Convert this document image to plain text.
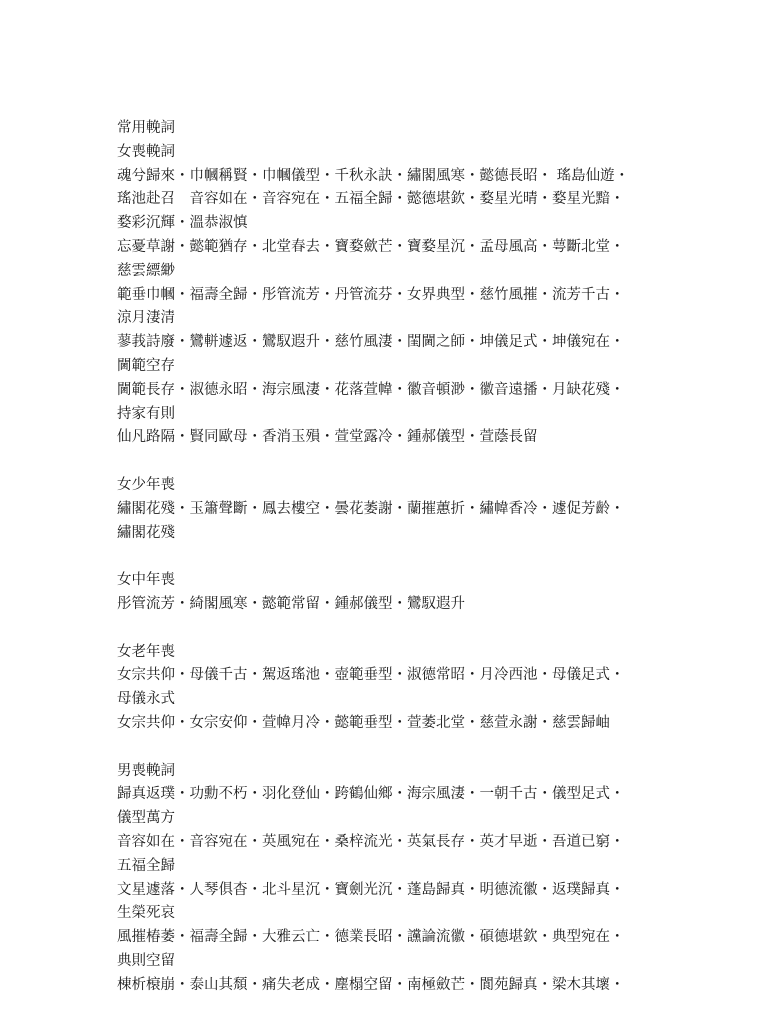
常用輓詞
女喪輓詞
魂兮歸來・巾幗稱賢・巾幗儀型・千秋永訣・繡閣風寒・懿德長昭・ 瑤島仙遊・
瑤池赴召　音容如在・音容宛在・五福全歸・懿德堪欽・婺星光晴・婺星光黯・
婺彩沉輝・溫恭淑慎
忘憂草謝・懿範猶存・北堂春去・寶婺歛芒・寶婺星沉・孟母風高・萼斷北堂・
慈雲縹緲
範垂巾幗・福壽全歸・彤管流芳・丹管流芬・女界典型・慈竹風摧・流芳千古・
涼月淒清
蓼莪詩廢・鸞軿遽返・鸞馭遐升・慈竹風淒・閨閫之師・坤儀足式・坤儀宛在・
閫範空存
閫範長存・淑德永昭・海宗風淒・花落萱幃・徽音頓渺・徽音遠播・月缺花殘・
持家有則
仙凡路隔・賢同歐母・香消玉殞・萱堂露冷・鍾郝儀型・萱蔭長留
女少年喪
繡閣花殘・玉簫聲斷・鳳去樓空・曇花萎謝・蘭摧蕙折・繡幃香冷・遽促芳齡・
繡閣花殘
女中年喪
彤管流芳・綺閣風寒・懿範常留・鍾郝儀型・鸞馭遐升
女老年喪
女宗共仰・母儀千古・駕返瑤池・壺範垂型・淑德常昭・月冷西池・母儀足式・
母儀永式
女宗共仰・女宗安仰・萱幃月冷・懿範垂型・萱萎北堂・慈萱永謝・慈雲歸岫
男喪輓詞
歸真返璞・功勳不朽・羽化登仙・跨鶴仙鄉・海宗風淒・一朝千古・儀型足式・
儀型萬方
音容如在・音容宛在・英風宛在・桑梓流光・英氣長存・英才早逝・吾道已窮・
五福全歸
文星遽落・人琴俱杳・北斗星沉・寶劍光沉・蓬島歸真・明德流徽・返璞歸真・
生榮死哀
風摧椿萎・福壽全歸・大雅云亡・德業長昭・讜論流徽・碩德堪欽・典型宛在・
典則空留
棟析榱崩・泰山其頹・痛失老成・塵榻空留・南極斂芒・閬苑歸真・梁木其壞・
